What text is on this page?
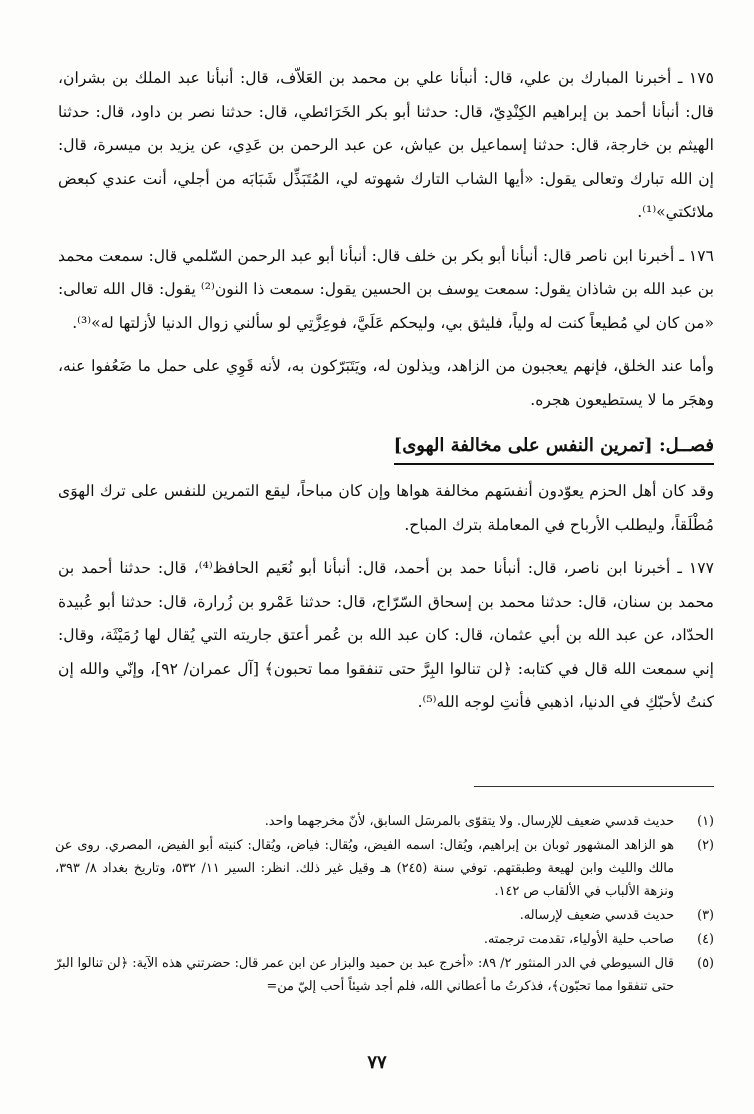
١٧٥ ـ أخبرنا المبارك بن علي، قال: أنبأنا علي بن محمد بن العَلاّف، قال: أنبأنا عبد الملك بن بشران، قال: أنبأنا أحمد بن إبراهيم الكِنْدِيّ، قال: حدثنا أبو بكر الخَرَائطي، قال: حدثنا نصر بن داود، قال: حدثنا الهيثم بن خارجة، قال: حدثنا إسماعيل بن عياش، عن عبد الرحمن بن عَدِي، عن يزيد بن ميسرة، قال: إن الله تبارك وتعالى يقول: «أيها الشاب التارك شهوته لي، المُتَبَذِّل شَبَابَه من أجلي، أنت عندي كبعض ملائكتي»⁽¹⁾.

١٧٦ ـ أخبرنا ابن ناصر قال: أنبأنا أبو بكر بن خلف قال: أنبأنا أبو عبد الرحمن السّلمي قال: سمعت محمد بن عبد الله بن شاذان يقول: سمعت يوسف بن الحسين يقول: سمعت ذا النون⁽²⁾ يقول: قال الله تعالى: «من كان لي مُطيعاً كنت له ولياً، فليثق بي، وليحكم عَلَيَّ، فوعِزَّتِي لو سألني زوال الدنيا لأزلتها له»⁽³⁾.

وأما عند الخلق، فإنهم يعجبون من الزاهد، ويذلون له، ويَتَبَرّكون به، لأنه قَوِي على حمل ما ضَعُفوا عنه، وهجَر ما لا يستطيعون هجره.

فصــل: [تمرين النفس على مخالفة الهوى]

وقد كان أهل الحزم يعوّدون أنفسَهم مخالفة هواها وإن كان مباحاً، ليقع التمرين للنفس على ترك الهوَى مُطْلَقاً، وليطلب الأرباح في المعاملة بترك المباح.

١٧٧ ـ أخبرنا ابن ناصر، قال: أنبأنا حمد بن أحمد، قال: أنبأنا أبو نُعَيم الحافظ⁽⁴⁾، قال: حدثنا أحمد بن محمد بن سنان، قال: حدثنا محمد بن إسحاق السّرّاج، قال: حدثنا عَمْرو بن زُرارة، قال: حدثنا أبو عُبيدة الحدّاد، عن عبد الله بن أبي عثمان، قال: كان عبد الله بن عُمر أعتق جاريته التي يُقال لها رُمَيْثَة، وقال: إني سمعت الله قال في كتابه: ﴿لن تنالوا البِرَّ حتى تنفقوا مما تحبون﴾ [آل عمران/ ٩٢]، وإنّي والله إن كنتُ لأحبّكِ في الدنيا، اذهبي فأنتِ لوجه الله⁽⁵⁾.

(١)
حديث قدسي ضعيف للإرسال. ولا يتقوّى بالمرسَل السابق، لأنّ مخرجهما واحد.
(٢)
هو الزاهد المشهور ثوبان بن إبراهيم، ويُقال: اسمه الفيض، ويُقال: فياض، ويُقال: كنيته أبو الفيض، المصري. روى عن مالك والليث وابن لهيعة وطبقتهم. توفي سنة (٢٤٥) هـ وقيل غير ذلك. انظر: السير ١١/ ٥٣٢، وتاريخ بغداد ٨/ ٣٩٣، ونزهة الألباب في الألقاب ص ١٤٢.
(٣)
حديث قدسي ضعيف لإرساله.
(٤)
صاحب حلية الأولياء، تقدمت ترجمته.
(٥)
قال السيوطي في الدر المنثور ٢/ ٨٩: «أخرج عبد بن حميد والبزار عن ابن عمر قال: حضرتني هذه الآية: ﴿لن تنالوا البرّ حتى تنفقوا مما تحبّون﴾، فذكرتُ ما أعطاني الله، فلم أجد شيئاً أحب إليّ من=
٧٧
